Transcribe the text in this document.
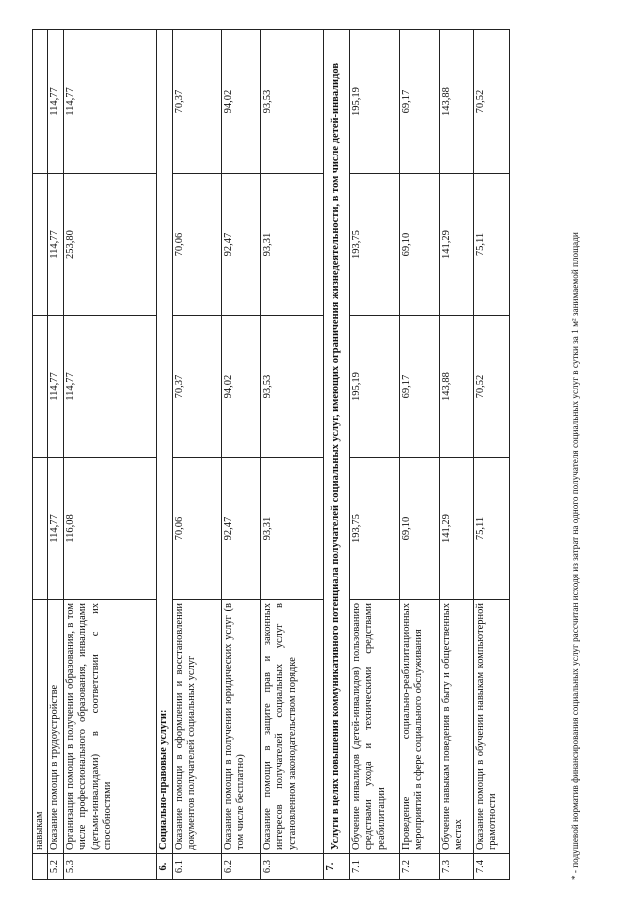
	навыкам				
5.2	Оказание помощи в трудоустройстве	114,77	114,77	114,77	114,77
5.3	Организация помощи в получении образования, в том числе профессионального образования, инвалидами (детьми-инвалидами) в соответствии с их способностями	116,08	114,77	253,80	114,77
6.	Социально-правовые услуги:				
6.1	Оказание помощи в оформлении и восстановлении документов получателей социальных услуг	70,06	70,37	70,06	70,37
6.2	Оказание помощи в получении юридических услуг (в том числе бесплатно)	92,47	94,02	92,47	94,02
6.3	Оказание помощи в защите прав и законных интересов получателей социальных услуг в установленном законодательством порядке	93,31	93,53	93,31	93,53
7.	Услуги в целях повышения коммуникативного потенциала получателей социальных услуг, имеющих ограничения жизнедеятельности, в том числе детей-инвалидов				
7.1	Обучение инвалидов (детей-инвалидов) пользованию средствами ухода и техническими средствами реабилитации	193,75	195,19	193,75	195,19
7.2	Проведение социально-реабилитационных мероприятий в сфере социального обслуживания	69,10	69,17	69,10	69,17
7.3	Обучение навыкам поведения в быту и общественных местах	141,29	143,88	141,29	143,88
7.4	Оказание помощи в обучении навыкам компьютерной грамотности	75,11	70,52	75,11	70,52
* - подушевой норматив финансирования социальных услуг рассчитан исходя из затрат на одного получателя социальных услуг в сутки за 1 м² занимаемой площади
